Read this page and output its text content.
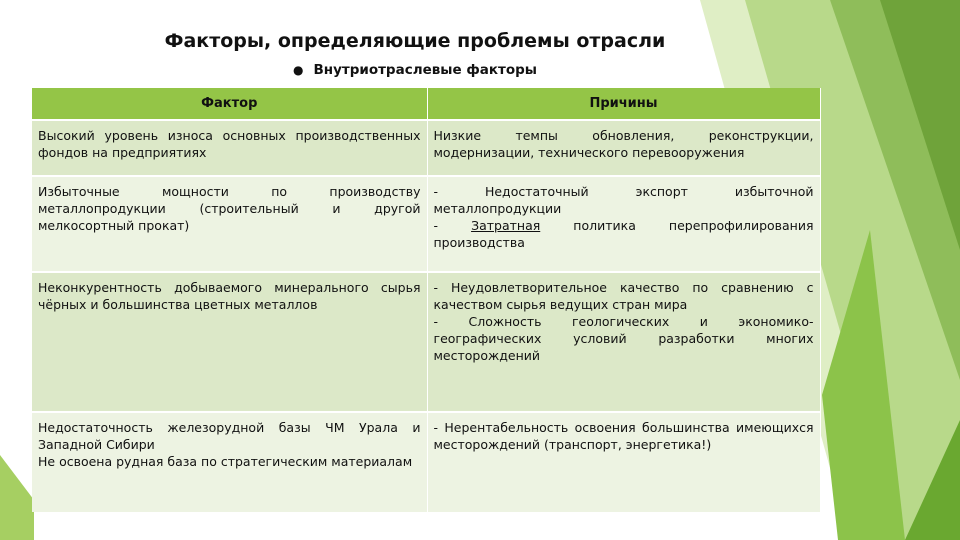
Факторы, определяющие проблемы отрасли
● Внутриотраслевые факторы
Фактор	Причины

Высокий уровень износа основных производственных фондов на предприятиях	Низкие темпы обновления, реконструкции, модернизации, технического перевооружения

Избыточные мощности по производству металлопродукции (строительный и другой мелкосортный прокат)	- Недостаточный экспорт избыточной металлопродукции
- Затратная политика перепрофилирования производства

Неконкурентность добываемого минерального сырья чёрных и большинства цветных металлов	- Неудовлетворительное качество по сравнению с качеством сырья ведущих стран мира
- Сложность геологических и экономико-географических условий разработки многих месторождений

Недостаточность железорудной базы ЧМ Урала и Западной Сибири
Не освоена рудная база по стратегическим материалам	- Нерентабельность освоения большинства имеющихся месторождений (транспорт, энергетика!)
